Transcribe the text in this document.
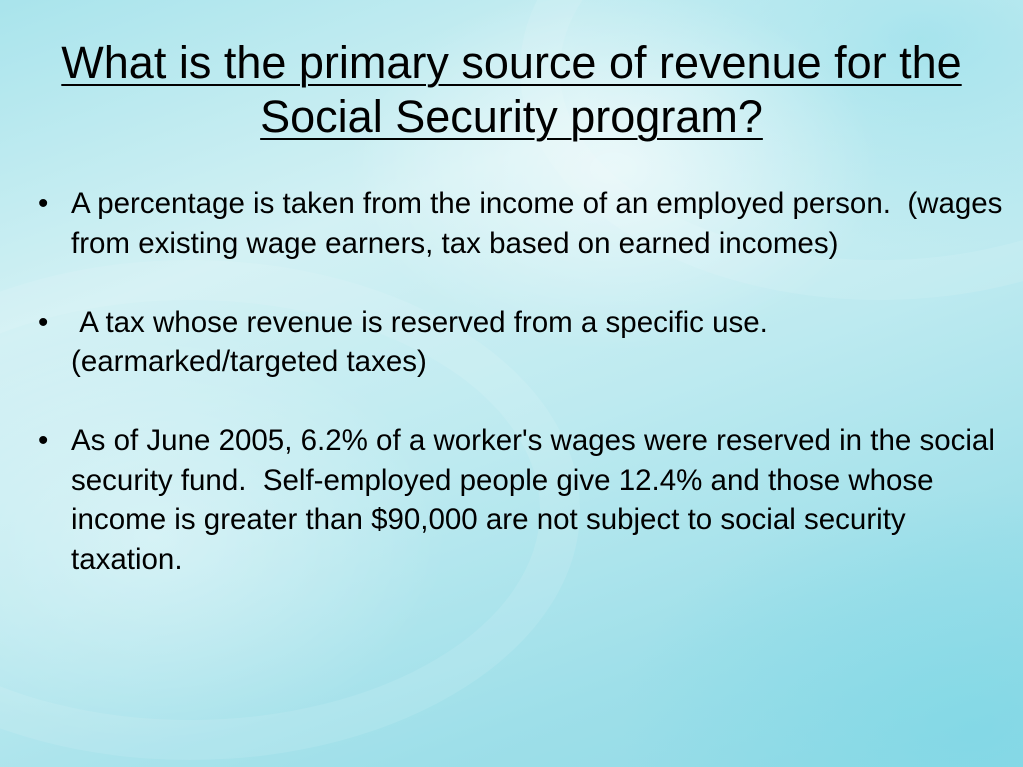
What is the primary source of revenue for the Social Security program?
• A percentage is taken from the income of an employed person.  (wages from existing wage earners, tax based on earned incomes)
• A tax whose revenue is reserved from a specific use.  (earmarked/targeted taxes)
• As of June 2005, 6.2% of a worker's wages were reserved in the social security fund.  Self-employed people give 12.4% and those whose income is greater than $90,000 are not subject to social security taxation.
